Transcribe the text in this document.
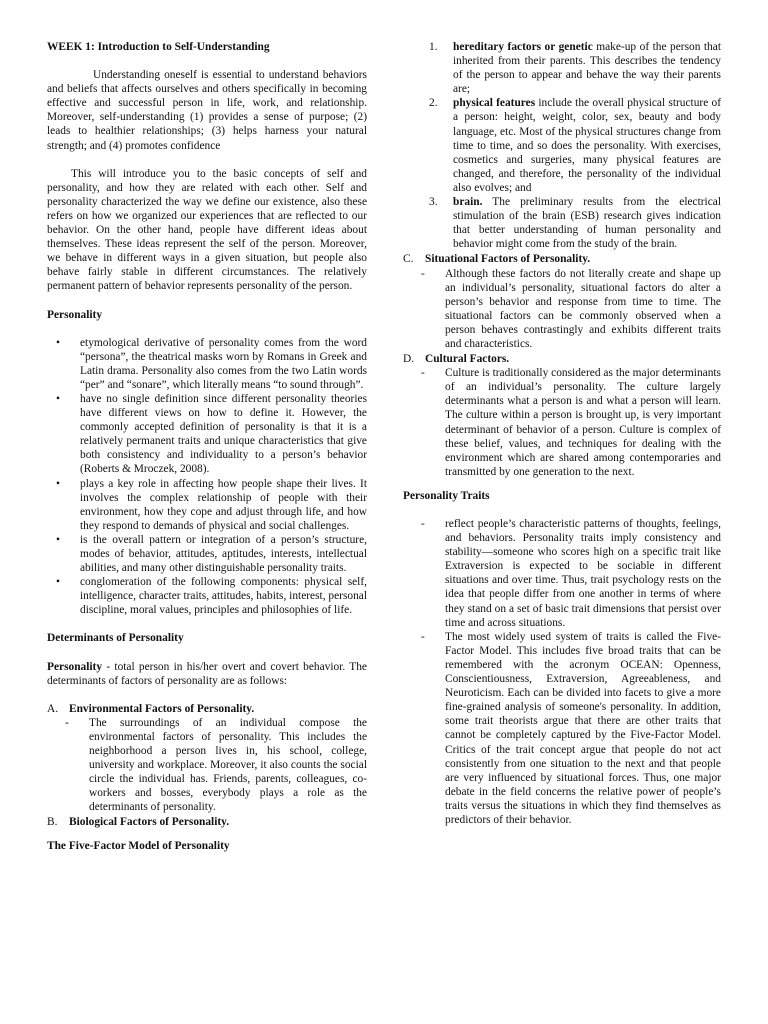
WEEK 1: Introduction to Self-Understanding

Understanding oneself is essential to understand behaviors and beliefs that affects ourselves and others specifically in becoming effective and successful person in life, work, and relationship. Moreover, self-understanding (1) provides a sense of purpose; (2) leads to healthier relationships; (3) helps harness your natural strength; and (4) promotes confidence

This will introduce you to the basic concepts of self and personality, and how they are related with each other. Self and personality characterized the way we define our existence, also these refers on how we organized our experiences that are reflected to our behavior. On the other hand, people have different ideas about themselves. These ideas represent the self of the person. Moreover, we behave in different ways in a given situation, but people also behave fairly stable in different circumstances. The relatively permanent pattern of behavior represents personality of the person.

Personality

• etymological derivative of personality comes from the word “persona”, the theatrical masks worn by Romans in Greek and Latin drama. Personality also comes from the two Latin words “per” and “sonare”, which literally means “to sound through”.
• have no single definition since different personality theories have different views on how to define it. However, the commonly accepted definition of personality is that it is a relatively permanent traits and unique characteristics that give both consistency and individuality to a person’s behavior (Roberts & Mroczek, 2008).
• plays a key role in affecting how people shape their lives. It involves the complex relationship of people with their environment, how they cope and adjust through life, and how they respond to demands of physical and social challenges.
• is the overall pattern or integration of a person’s structure, modes of behavior, attitudes, aptitudes, interests, intellectual abilities, and many other distinguishable personality traits.
• conglomeration of the following components: physical self, intelligence, character traits, attitudes, habits, interest, personal discipline, moral values, principles and philosophies of life.

Determinants of Personality

Personality - total person in his/her overt and covert behavior. The determinants of factors of personality are as follows:

A. Environmental Factors of Personality.
- The surroundings of an individual compose the environmental factors of personality. This includes the neighborhood a person lives in, his school, college, university and workplace. Moreover, it also counts the social circle the individual has. Friends, parents, colleagues, co-workers and bosses, everybody plays a role as the determinants of personality.
B. Biological Factors of Personality.

The Five-Factor Model of Personality

1. hereditary factors or genetic make-up of the person that inherited from their parents. This describes the tendency of the person to appear and behave the way their parents are;
2. physical features include the overall physical structure of a person: height, weight, color, sex, beauty and body language, etc. Most of the physical structures change from time to time, and so does the personality. With exercises, cosmetics and surgeries, many physical features are changed, and therefore, the personality of the individual also evolves; and
3. brain. The preliminary results from the electrical stimulation of the brain (ESB) research gives indication that better understanding of human personality and behavior might come from the study of the brain.
C. Situational Factors of Personality.
- Although these factors do not literally create and shape up an individual’s personality, situational factors do alter a person’s behavior and response from time to time. The situational factors can be commonly observed when a person behaves contrastingly and exhibits different traits and characteristics.
D. Cultural Factors.
- Culture is traditionally considered as the major determinants of an individual’s personality. The culture largely determinants what a person is and what a person will learn. The culture within a person is brought up, is very important determinant of behavior of a person. Culture is complex of these belief, values, and techniques for dealing with the environment which are shared among contemporaries and transmitted by one generation to the next.

Personality Traits

- reflect people’s characteristic patterns of thoughts, feelings, and behaviors. Personality traits imply consistency and stability—someone who scores high on a specific trait like Extraversion is expected to be sociable in different situations and over time. Thus, trait psychology rests on the idea that people differ from one another in terms of where they stand on a set of basic trait dimensions that persist over time and across situations.
- The most widely used system of traits is called the Five-Factor Model. This includes five broad traits that can be remembered with the acronym OCEAN: Openness, Conscientiousness, Extraversion, Agreeableness, and Neuroticism. Each can be divided into facets to give a more fine-grained analysis of someone's personality. In addition, some trait theorists argue that there are other traits that cannot be completely captured by the Five-Factor Model. Critics of the trait concept argue that people do not act consistently from one situation to the next and that people are very influenced by situational forces. Thus, one major debate in the field concerns the relative power of people’s traits versus the situations in which they find themselves as predictors of their behavior.
